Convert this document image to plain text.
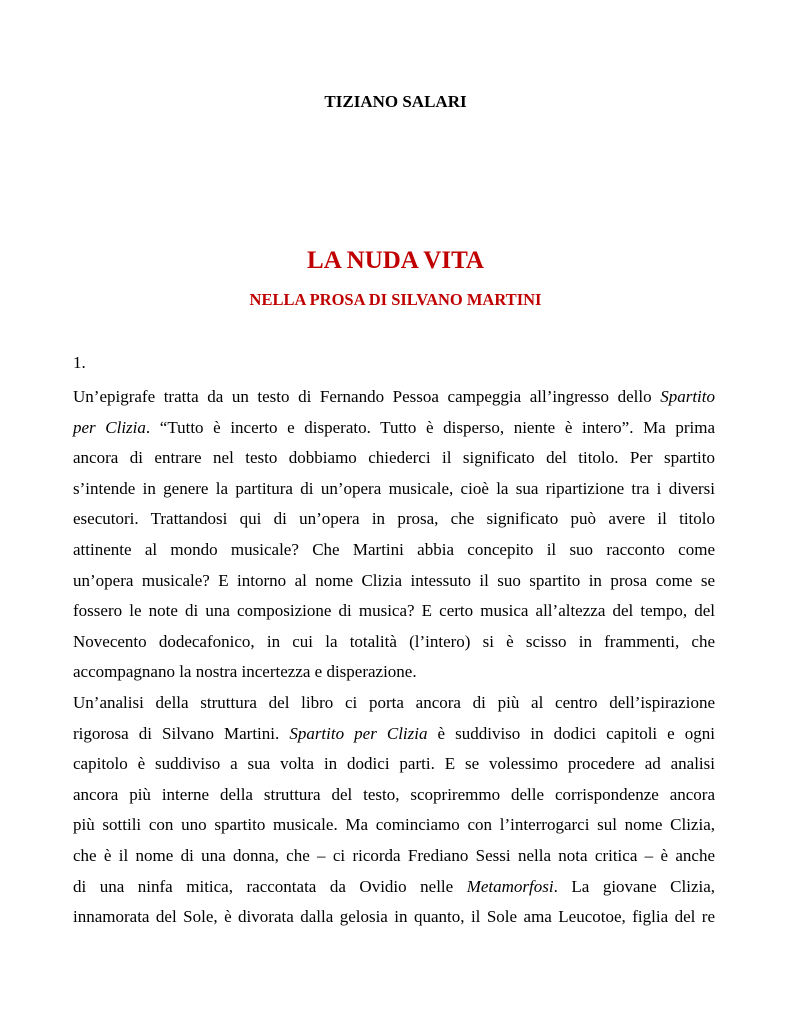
TIZIANO SALARI
LA NUDA VITA
NELLA PROSA DI SILVANO MARTINI
1.
Un’epigrafe tratta da un testo di Fernando Pessoa campeggia all’ingresso dello Spartito
per Clizia. “Tutto è incerto e disperato. Tutto è disperso, niente è intero”. Ma prima
ancora di entrare nel testo dobbiamo chiederci il significato del titolo. Per spartito
s’intende in genere la partitura di un’opera musicale, cioè la sua ripartizione tra i diversi
esecutori. Trattandosi qui di un’opera in prosa, che significato può avere il titolo
attinente al mondo musicale? Che Martini abbia concepito il suo racconto come
un’opera musicale? E intorno al nome Clizia intessuto il suo spartito in prosa come se
fossero le note di una composizione di musica? E certo musica all’altezza del tempo, del
Novecento dodecafonico, in cui la totalità (l’intero) si è scisso in frammenti, che
accompagnano la nostra incertezza e disperazione.
Un’analisi della struttura del libro ci porta ancora di più al centro dell’ispirazione
rigorosa di Silvano Martini. Spartito per Clizia è suddiviso in dodici capitoli e ogni
capitolo è suddiviso a sua volta in dodici parti. E se volessimo procedere ad analisi
ancora più interne della struttura del testo, scopriremmo delle corrispondenze ancora
più sottili con uno spartito musicale. Ma cominciamo con l’interrogarci sul nome Clizia,
che è il nome di una donna, che – ci ricorda Frediano Sessi nella nota critica – è anche
di una ninfa mitica, raccontata da Ovidio nelle Metamorfosi. La giovane Clizia,
innamorata del Sole, è divorata dalla gelosia in quanto, il Sole ama Leucotoe, figlia del re
